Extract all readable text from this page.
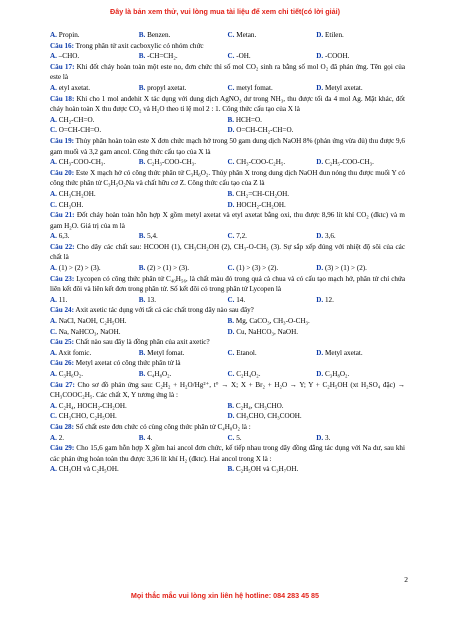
Đây là bản xem thử, vui lòng mua tài liệu để xem chi tiết(có lời giải)
A. Propin.	B. Benzen.	C. Metan.	D. Etilen.
Câu 16: Trong phân tử axit cacboxylic có nhóm chức
A. –CHO.	B. -CH=CH₂.	C. -OH.	D. -COOH.
Câu 17: Khi đốt cháy hoàn toàn một este no, đơn chức thì số mol CO₂ sinh ra bằng số mol O₂ đã phản ứng. Tên gọi của este là
A. etyl axetat.	B. propyl axetat.	C. metyl fomat.	D. Metyl axetat.
Câu 18: Khi cho 1 mol anđehit X tác dụng với dung dịch AgNO₃ dư trong NH₃, thu được tối đa 4 mol Ag. Mặt khác, đốt cháy hoàn toàn X thu được CO₂ và H₂O theo tỉ lệ mol 2 : 1. Công thức cấu tạo của X là
A. CH₂-CH=O.	B. HCH=O.
C. O=CH-CH=O.	D. O=CH-CH₂-CH=O.
Câu 19: Thủy phân hoàn toàn este X đơn chức mạch hở trong 50 gam dung dịch NaOH 8% (phản ứng vừa đủ) thu được 9,6 gam muối và 3,2 gam ancol. Công thức cấu tạo của X là
A. CH₃-COO-CH₃.	B. C₂H₃-COO-CH₃.	C. CH₃-COO-C₂H₅.	D. C₂H₅-COO-CH₃.
Câu 20: Este X mạch hở có công thức phân tử C₃H₆O₂. Thủy phân X trong dung dịch NaOH đun nóng thu được muối Y có công thức phân tử C₃H₅O₂Na và chất hữu cơ Z. Công thức cấu tạo của Z là
A. CH₃CH₂OH.	B. CH₂=CH-CH₂OH.
C. CH₃OH.	D. HOCH₂-CH₂OH.
Câu 21: Đốt cháy hoàn toàn hỗn hợp X gồm metyl axetat và etyl axetat bằng oxi, thu được 8,96 lít khí CO₂ (đktc) và m gam H₂O. Giá trị của m là
A. 6,3.	B. 5,4.	C. 7,2.	D. 3,6.
Câu 22: Cho dãy các chất sau: HCOOH (1), CH₃CH₂OH (2), CH₃-O-CH₃ (3). Sự sắp xếp đúng với nhiệt độ sôi của các chất là
A. (1) > (2) > (3).	B. (2) > (1) > (3).	C. (1) > (3) > (2).	D. (3) > (1) > (2).
Câu 23: Lycopen có công thức phân tử C₄₀H₅₆, là chất màu đỏ trong quả cà chua và có cấu tạo mạch hở, phân tử chỉ chứa liên kết đôi và liên kết đơn trong phân tử. Số kết đôi có trong phân tử Lycopen là
A. 11.	B. 13.	C. 14.	D. 12.
Câu 24: Axit axetic tác dụng với tất cả các chất trong dãy nào sau đây?
A. NaCl, NaOH, C₂H₅OH.	B. Mg, CaCO₃, CH₃-O-CH₃.
C. Na, NaHCO₃, NaOH.	D. Cu, NaHCO₃, NaOH.
Câu 25: Chất nào sau đây là đồng phân của axit axetic?
A. Axit fomic.	B. Metyl fomat.	C. Etanol.	D. Metyl axetat.
Câu 26: Metyl axetat có công thức phân tử là
A. C₃H₆O₂.	B. C₄H₈O₂.	C. C₂H₄O₂.	D. C₃H₈O₂.
Câu 27: Cho sơ đồ phản ứng sau: C₂H₂ + H₂O/Hg²⁺, t° → X; X + Br₂ + H₂O → Y; Y + C₂H₅OH (xt H₂SO₄ đặc) → CH₃COOC₂H₅. Các chất X, Y tương ứng là :
A. C₂H₄, HOCH₂-CH₂OH.	B. C₂H₄, CH₃CHO.
C. CH₃CHO, C₂H₅OH.	D. CH₃CHO, CH₃COOH.
Câu 28: Số chất este đơn chức có cùng công thức phân tử C₄H₈O₂ là :
A. 2.	B. 4.	C. 5.	D. 3.
Câu 29: Cho 15,6 gam hỗn hợp X gồm hai ancol đơn chức, kế tiếp nhau trong dãy đồng đẳng tác dụng với Na dư, sau khi các phản ứng hoàn toàn thu được 3,36 lít khí H₂ (đktc). Hai ancol trong X là :
A. CH₃OH và C₂H₅OH.	B. C₂H₅OH và C₃H₇OH.
2
Mọi thắc mắc vui lòng xin liên hệ hotline: 084 283 45 85
